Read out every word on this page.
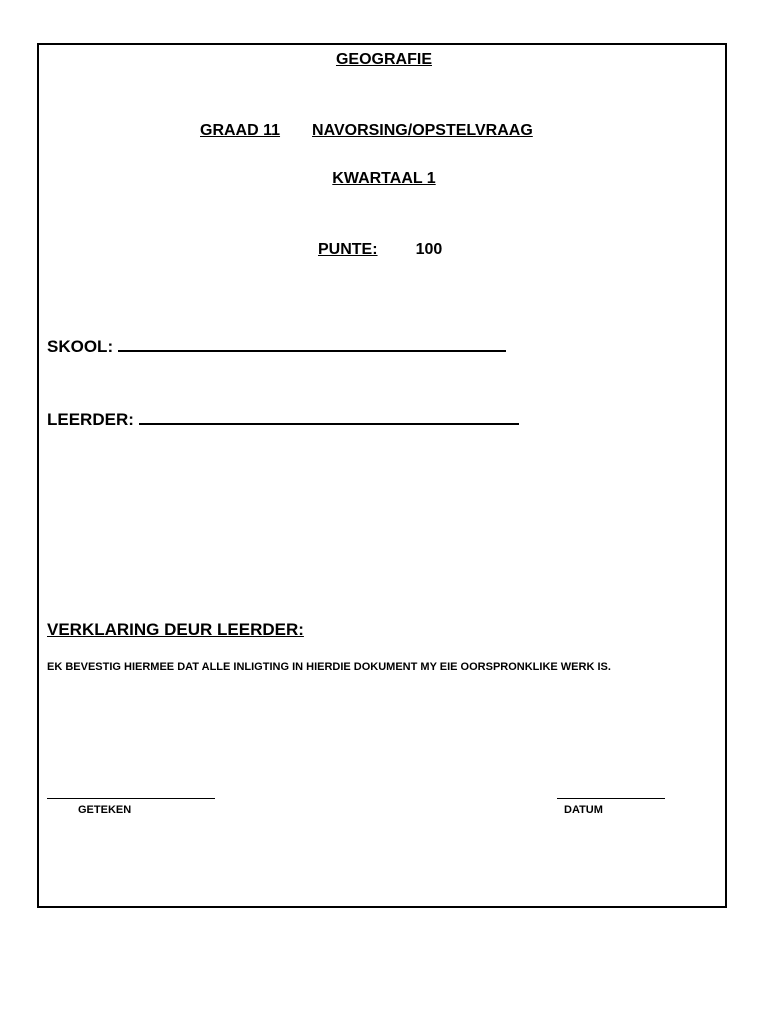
GEOGRAFIE
GRAAD 11 NAVORSING/OPSTELVRAAG
KWARTAAL 1
PUNTE: 100
SKOOL:
LEERDER:
VERKLARING DEUR LEERDER:
EK BEVESTIG HIERMEE DAT ALLE INLIGTING IN HIERDIE DOKUMENT MY EIE OORSPRONKLIKE WERK IS.
GETEKEN	DATUM
